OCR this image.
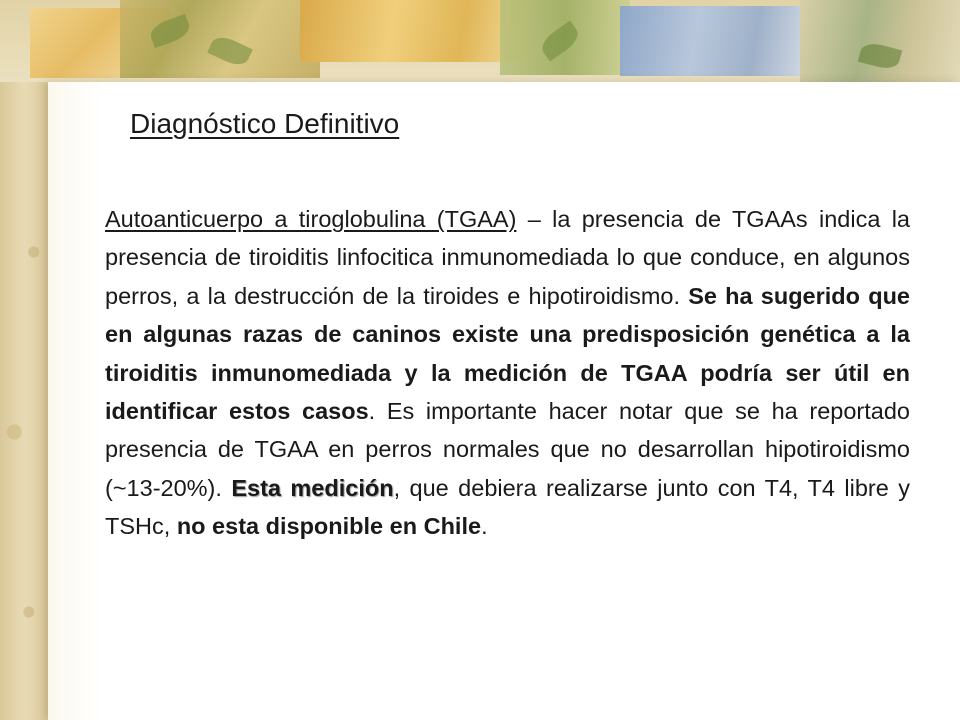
Diagnóstico Definitivo

Autoanticuerpo a tiroglobulina (TGAA) – la presencia de TGAAs indica la presencia de tiroiditis linfocitica inmunomediada lo que conduce, en algunos perros, a la destrucción de la tiroides e hipotiroidismo. Se ha sugerido que en algunas razas de caninos existe una predisposición genética a la tiroiditis inmunomediada y la medición de TGAA podría ser útil en identificar estos casos. Es importante hacer notar que se ha reportado presencia de TGAA en perros normales que no desarrollan hipotiroidismo (~13-20%). Esta medición, que debiera realizarse junto con T4, T4 libre y TSHc, no esta disponible en Chile.
